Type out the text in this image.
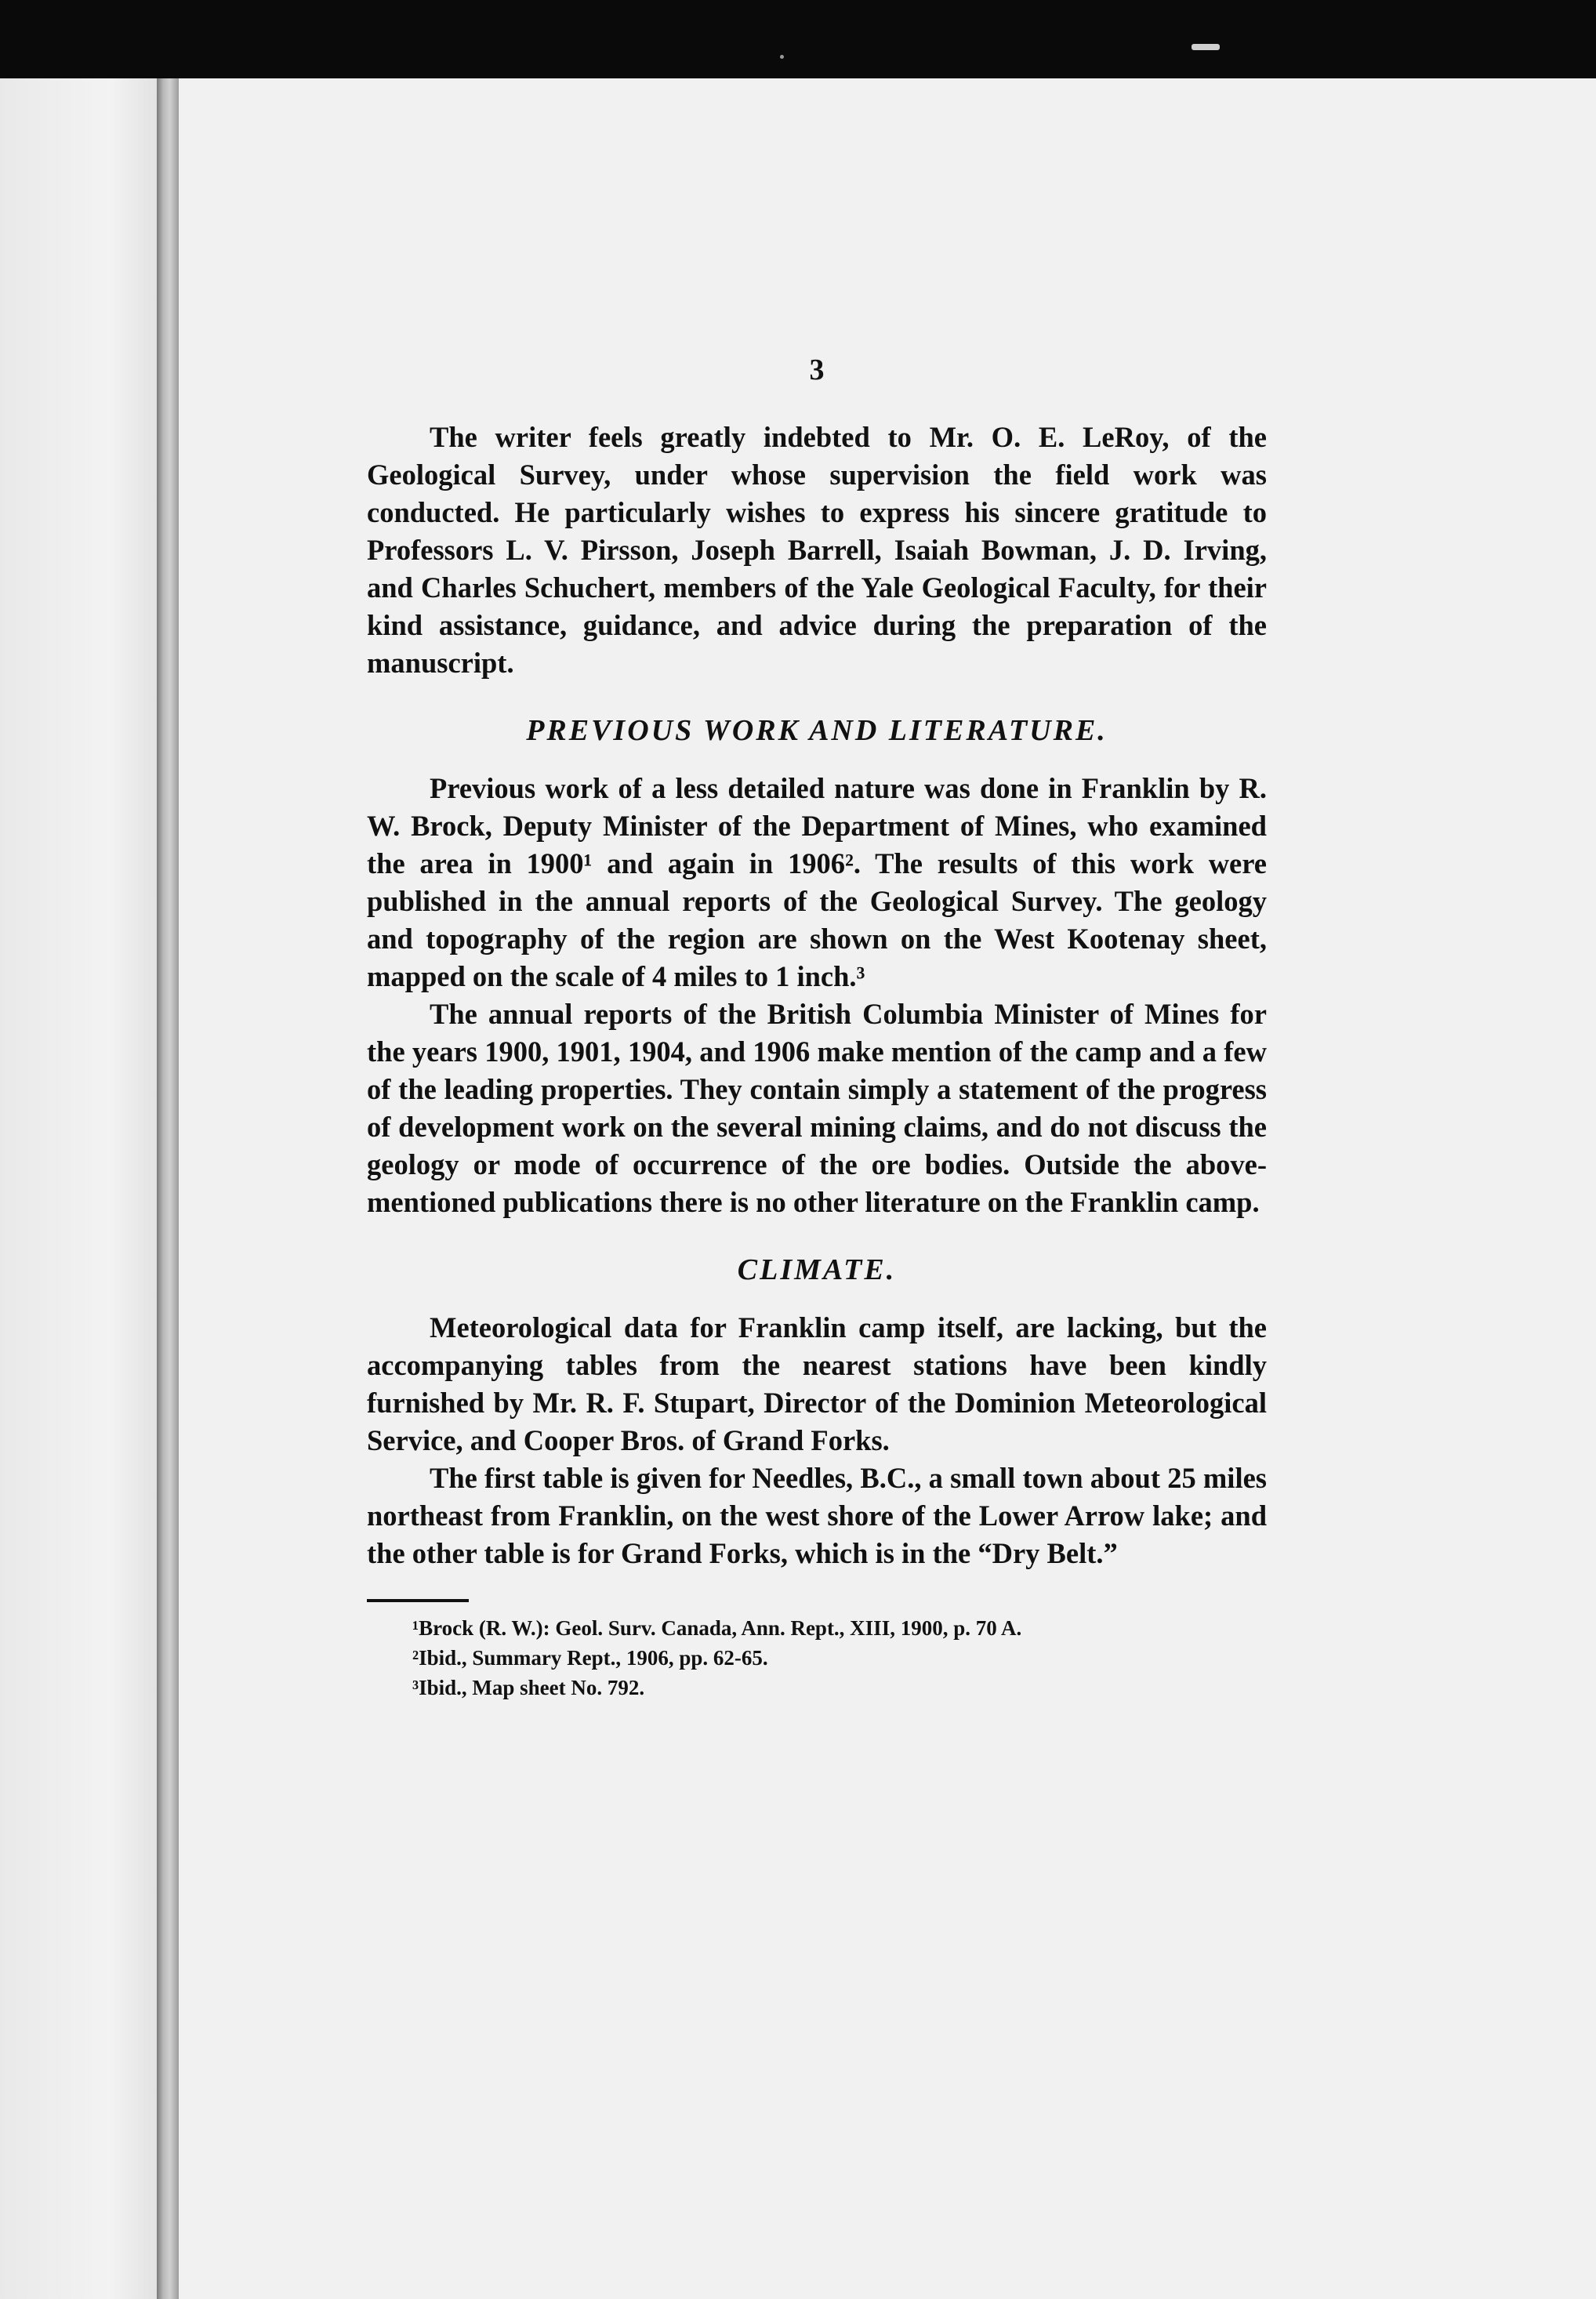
3

The writer feels greatly indebted to Mr. O. E. LeRoy, of the Geological Survey, under whose supervision the field work was conducted. He particularly wishes to express his sincere gratitude to Professors L. V. Pirsson, Joseph Barrell, Isaiah Bowman, J. D. Irving, and Charles Schuchert, members of the Yale Geological Faculty, for their kind assistance, guidance, and advice during the preparation of the manuscript.

PREVIOUS WORK AND LITERATURE.

Previous work of a less detailed nature was done in Franklin by R. W. Brock, Deputy Minister of the Department of Mines, who examined the area in 1900¹ and again in 1906². The results of this work were published in the annual reports of the Geological Survey. The geology and topography of the region are shown on the West Kootenay sheet, mapped on the scale of 4 miles to 1 inch.³

The annual reports of the British Columbia Minister of Mines for the years 1900, 1901, 1904, and 1906 make mention of the camp and a few of the leading properties. They contain simply a statement of the progress of development work on the several mining claims, and do not discuss the geology or mode of occurrence of the ore bodies. Outside the above-mentioned publications there is no other literature on the Franklin camp.

CLIMATE.

Meteorological data for Franklin camp itself, are lacking, but the accompanying tables from the nearest stations have been kindly furnished by Mr. R. F. Stupart, Director of the Dominion Meteorological Service, and Cooper Bros. of Grand Forks.

The first table is given for Needles, B.C., a small town about 25 miles northeast from Franklin, on the west shore of the Lower Arrow lake; and the other table is for Grand Forks, which is in the “Dry Belt.”

¹Brock (R. W.): Geol. Surv. Canada, Ann. Rept., XIII, 1900, p. 70 A.
²Ibid., Summary Rept., 1906, pp. 62-65.
³Ibid., Map sheet No. 792.
